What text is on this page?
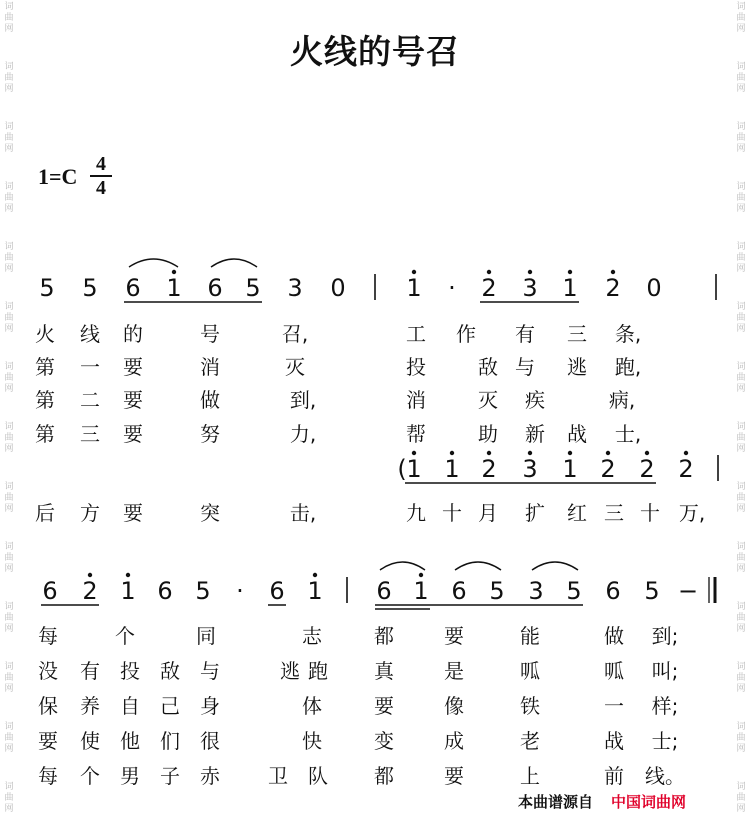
词
曲
网
词
曲
网
词
曲
网
词
曲
网
词
曲
网
词
曲
网
词
曲
网
词
曲
网
词
曲
网
词
曲
网
词
曲
网
词
曲
网
词
曲
网
词
曲
网
词
曲
网
词
曲
网
词
曲
网
词
曲
网
词
曲
网
词
曲
网
词
曲
网
词
曲
网
词
曲
网
词
曲
网
词
曲
网
词
曲
网
词
曲
网
词
曲
网
火线的号召
1=C 4
4
5 5 6 1 6 5 3 0	1 · 2 3 1 2 0
( 1 1 2 3 1 2 2 2
6 2 1 6 5 · 6 1 6 1 6 5 3 5 6 5 −
火 线 的	号	召,	工 作 有 三 条,
第 一 要	消	灭	投	敌 与 逃 跑,
第 二 要	做	到,	消	灭 疾	病,
第 三 要	努	力,	帮	助 新 战 士,
后 方 要	突	击,	九 十 月 扩 红 三 十 万,
每	个	同	志	都	要	能	做 到;
没 有 投 敌 与	逃 跑 真	是	呱	呱 叫;
保 养 自 己 身	体	要	像	铁	一 样;
要 使 他 们 很	快	变	成	老	战 士;
每 个 男 子 赤 卫 队 都	要	上	前 线。
本曲谱源自 中国词曲网
